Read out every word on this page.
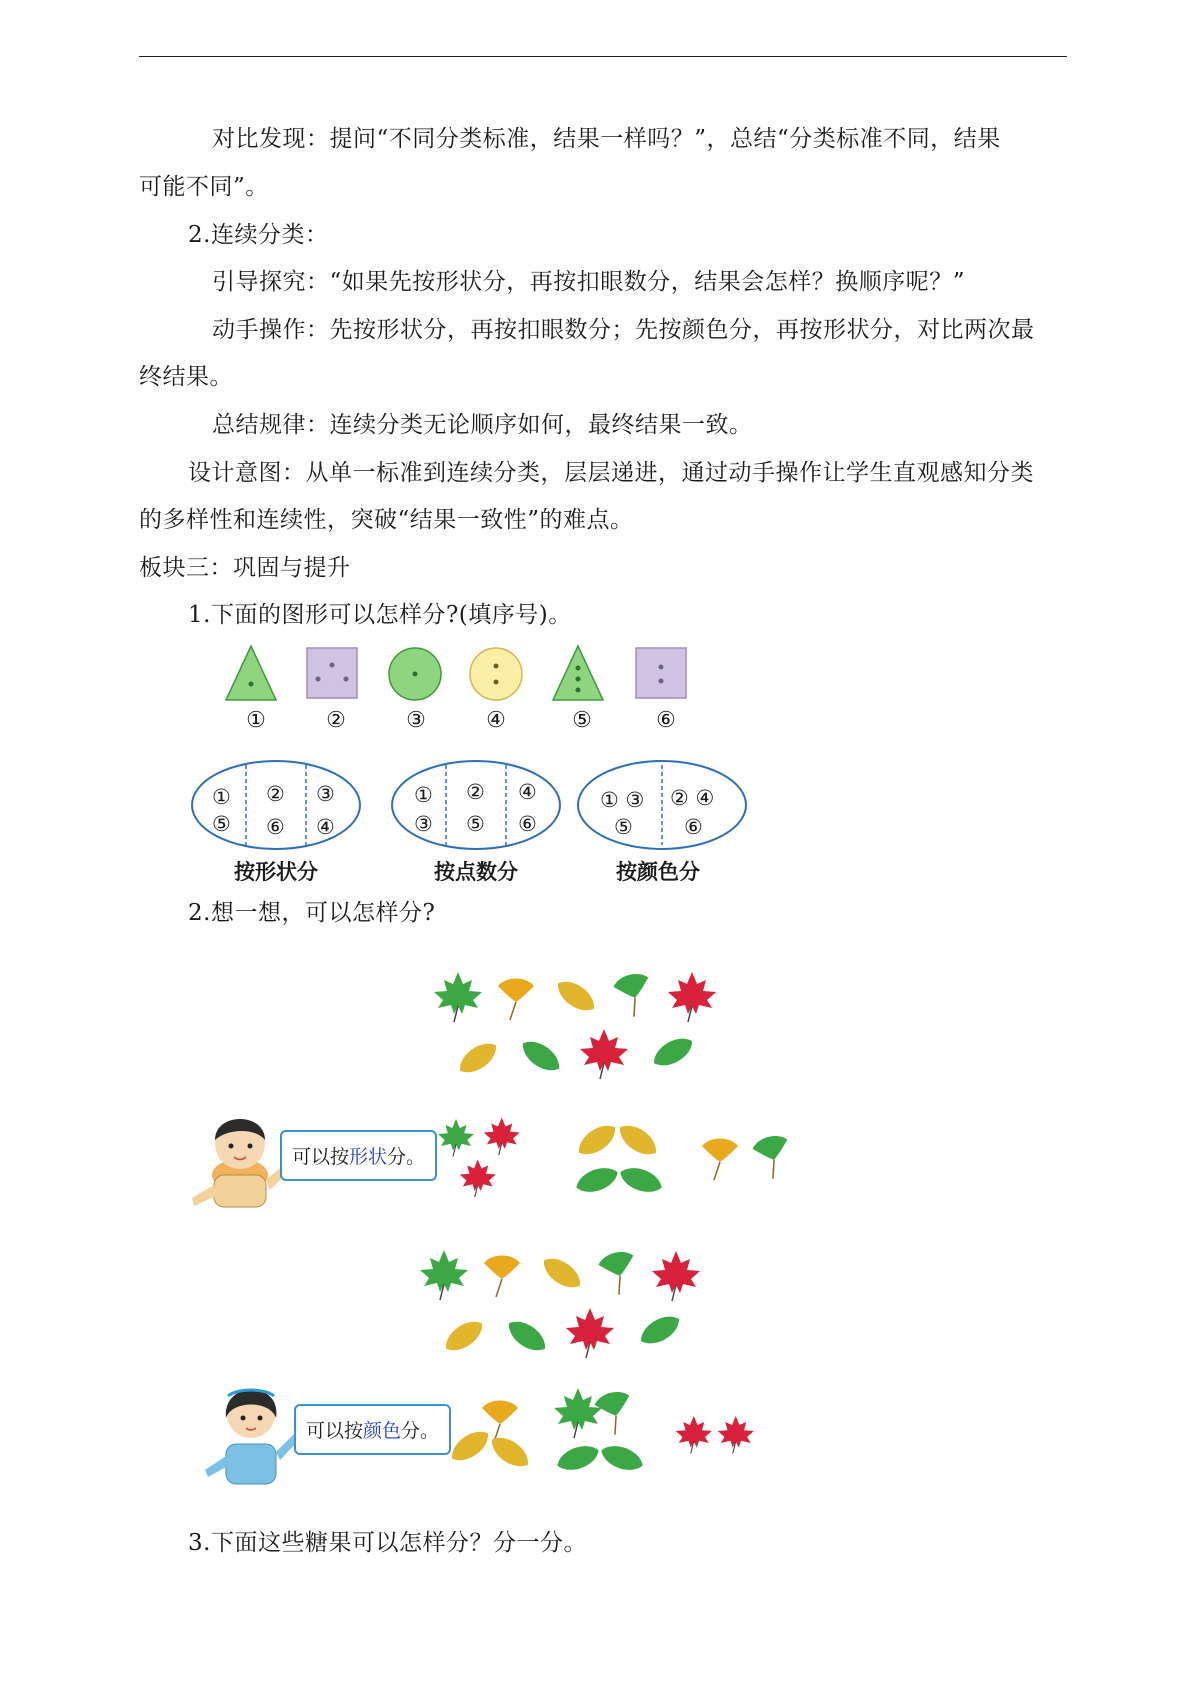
对比发现：提问“不同分类标准，结果一样吗？”，总结“分类标准不同，结果
可能不同”。
2.连续分类：
引导探究：“如果先按形状分，再按扣眼数分，结果会怎样？换顺序呢？”
动手操作：先按形状分，再按扣眼数分；先按颜色分，再按形状分，对比两次最
终结果。
总结规律：连续分类无论顺序如何，最终结果一致。
设计意图：从单一标准到连续分类，层层递进，通过动手操作让学生直观感知分类
的多样性和连续性，突破“结果一致性”的难点。
板块三：巩固与提升
1.下面的图形可以怎样分?(填序号)。
①	②	③	④	⑤	⑥
①
⑤
②
⑥
③
④
按形状分
①
③
②
⑤
④
⑥
按点数分
① ③
⑤
② ④
⑥
按颜色分
2.想一想，可以怎样分?
可以按形状分。
可以按颜色分。
3.下面这些糖果可以怎样分？分一分。
